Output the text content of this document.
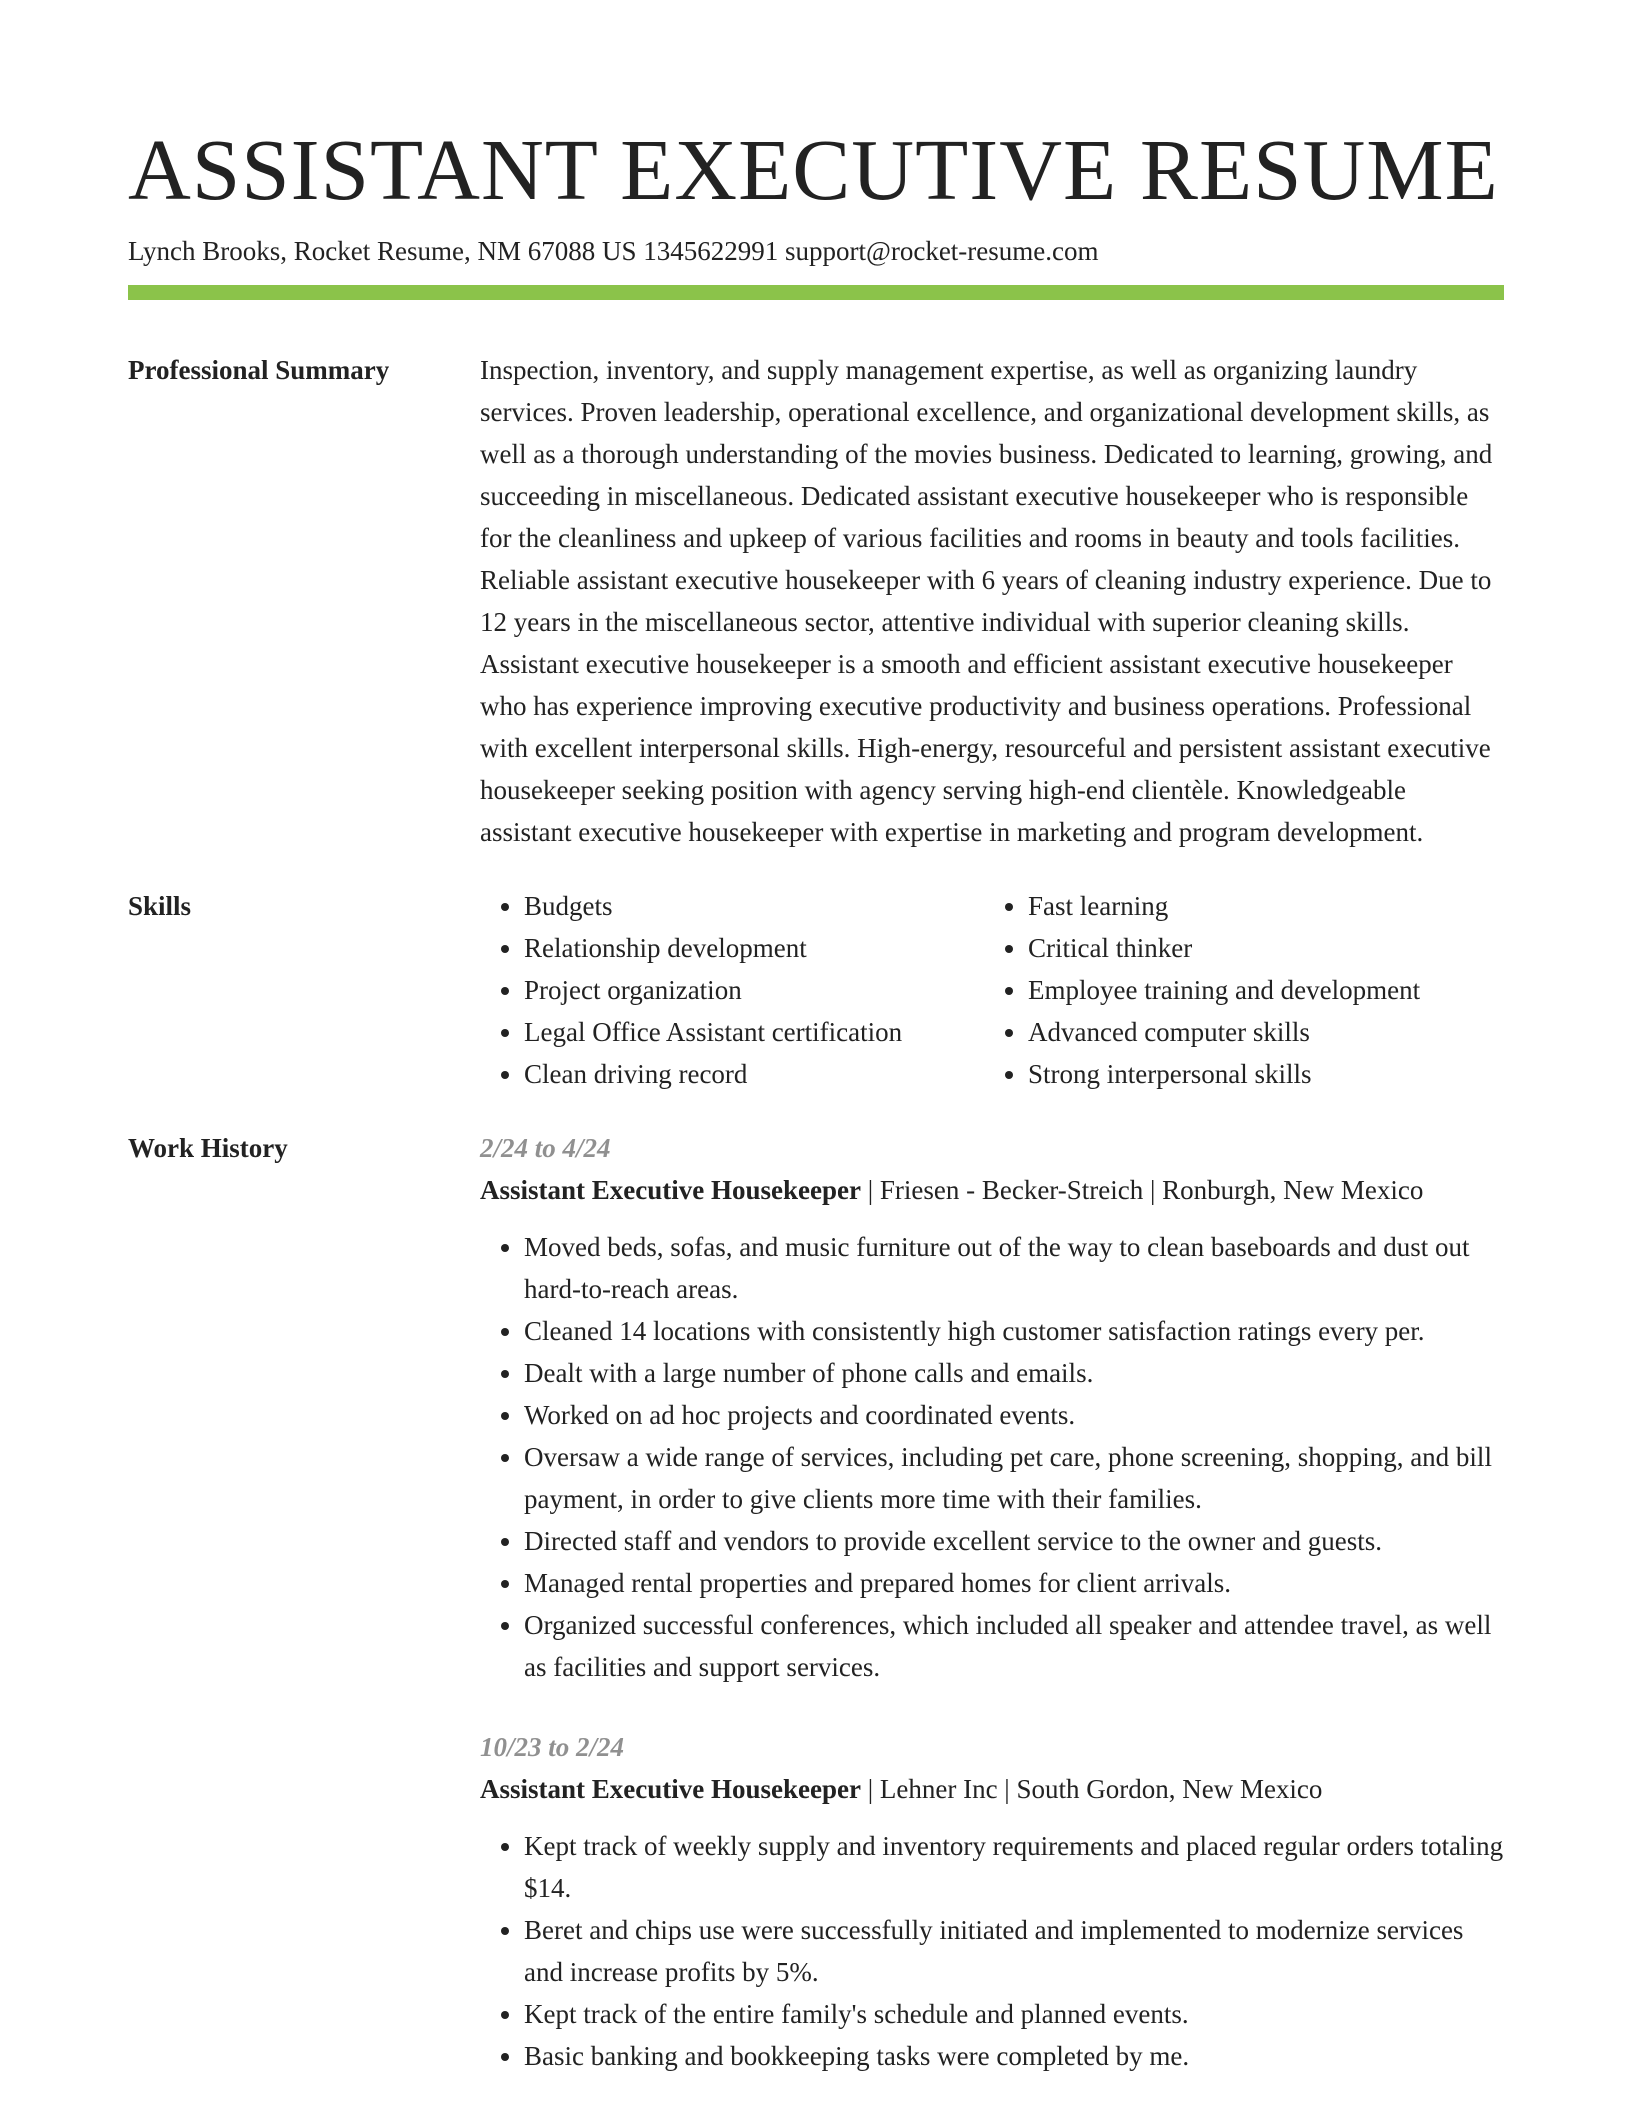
ASSISTANT EXECUTIVE RESUME
Lynch Brooks, Rocket Resume, NM 67088 US 1345622991 support@rocket-resume.com
Professional Summary	Inspection, inventory, and supply management expertise, as well as organizing laundry services. Proven leadership, operational excellence, and organizational development skills, as well as a thorough understanding of the movies business. Dedicated to learning, growing, and succeeding in miscellaneous. Dedicated assistant executive housekeeper who is responsible for the cleanliness and upkeep of various facilities and rooms in beauty and tools facilities. Reliable assistant executive housekeeper with 6 years of cleaning industry experience. Due to 12 years in the miscellaneous sector, attentive individual with superior cleaning skills. Assistant executive housekeeper is a smooth and efficient assistant executive housekeeper who has experience improving executive productivity and business operations. Professional with excellent interpersonal skills. High-energy, resourceful and persistent assistant executive housekeeper seeking position with agency serving high-end clientèle. Knowledgeable assistant executive housekeeper with expertise in marketing and program development.
Skills
•	Budgets
• Relationship development
• Project organization
• Legal Office Assistant certification
• Clean driving record
• Fast learning
• Critical thinker
• Employee training and development
• Advanced computer skills
• Strong interpersonal skills
Work History	2/24 to 4/24
Assistant Executive Housekeeper | Friesen - Becker-Streich | Ronburgh, New Mexico
• Moved beds, sofas, and music furniture out of the way to clean baseboards and dust out hard-to-reach areas.
• Cleaned 14 locations with consistently high customer satisfaction ratings every per.
• Dealt with a large number of phone calls and emails.
• Worked on ad hoc projects and coordinated events.
• Oversaw a wide range of services, including pet care, phone screening, shopping, and bill payment, in order to give clients more time with their families.
• Directed staff and vendors to provide excellent service to the owner and guests.
• Managed rental properties and prepared homes for client arrivals.
• Organized successful conferences, which included all speaker and attendee travel, as well as facilities and support services.
10/23 to 2/24
Assistant Executive Housekeeper | Lehner Inc | South Gordon, New Mexico
• Kept track of weekly supply and inventory requirements and placed regular orders totaling $14.
• Beret and chips use were successfully initiated and implemented to modernize services and increase profits by 5%.
• Kept track of the entire family's schedule and planned events.
• Basic banking and bookkeeping tasks were completed by me.
